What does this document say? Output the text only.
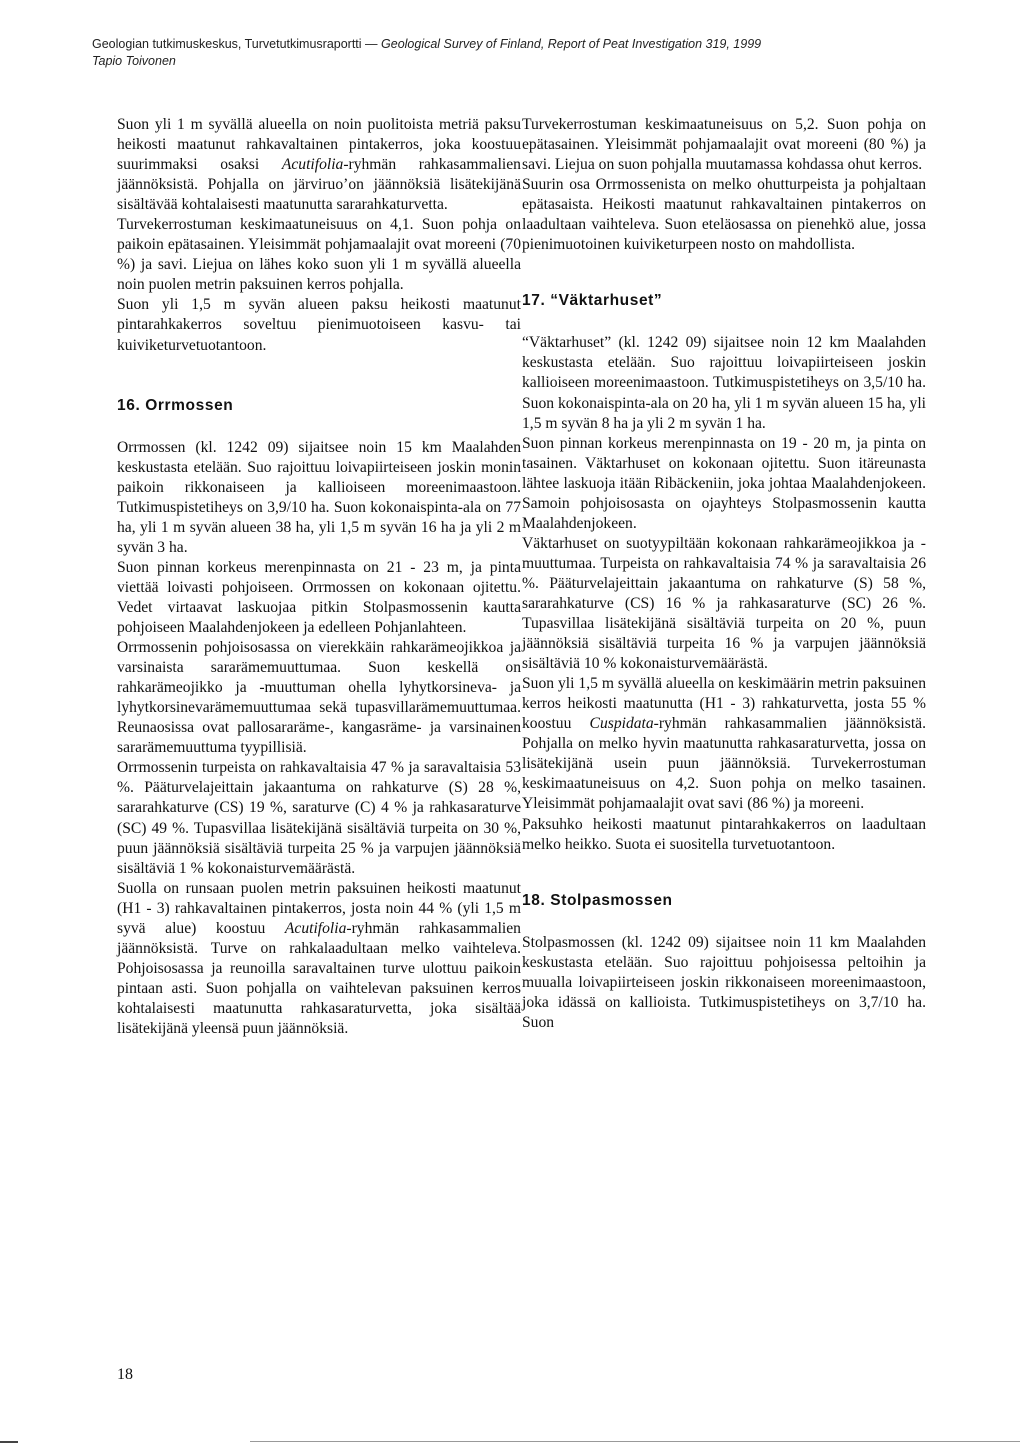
Geologian tutkimuskeskus, Turvetutkimusraportti — Geological Survey of Finland, Report of Peat Investigation 319, 1999
Tapio Toivonen

Suon yli 1 m syvällä alueella on noin puolitoista metriä paksu heikosti maatunut rahkavaltainen pintakerros, joka koostuu suurimmaksi osaksi Acutifolia-ryhmän rahkasammalien jäännöksistä. Pohjalla on järviruo’on jäännöksiä lisätekijänä sisältävää kohtalaisesti maatunutta sararahkaturvetta.

Turvekerrostuman keskimaatuneisuus on 4,1. Suon pohja on paikoin epätasainen. Yleisimmät pohjamaalajit ovat moreeni (70 %) ja savi. Liejua on lähes koko suon yli 1 m syvällä alueella noin puolen metrin paksuinen kerros pohjalla.

Suon yli 1,5 m syvän alueen paksu heikosti maatunut pintarahkakerros soveltuu pienimuotoiseen kasvu- tai kuiviketurvetuotantoon.

16. Orrmossen

Orrmossen (kl. 1242 09) sijaitsee noin 15 km Maalahden keskustasta etelään. Suo rajoittuu loivapiirteiseen joskin monin paikoin rikkonaiseen ja kallioiseen moreenimaastoon. Tutkimuspistetiheys on 3,9/10 ha. Suon kokonaispinta-ala on 77 ha, yli 1 m syvän alueen 38 ha, yli 1,5 m syvän 16 ha ja yli 2 m syvän 3 ha.

Suon pinnan korkeus merenpinnasta on 21 - 23 m, ja pinta viettää loivasti pohjoiseen. Orrmossen on kokonaan ojitettu. Vedet virtaavat laskuojaa pitkin Stolpasmossenin kautta pohjoiseen Maalahdenjokeen ja edelleen Pohjanlahteen.

Orrmossenin pohjoisosassa on vierekkäin rahkarämeojikkoa ja varsinaista sararämemuuttumaa. Suon keskellä on rahkarämeojikko ja -muuttuman ohella lyhytkorsineva- ja lyhytkorsinevarämemuuttumaa sekä tupasvillarämemuuttumaa. Reunaosissa ovat pallosararäme-, kangasräme- ja varsinainen sararämemuuttuma tyypillisiä.

Orrmossenin turpeista on rahkavaltaisia 47 % ja saravaltaisia 53 %. Pääturvelajeittain jakaantuma on rahkaturve (S) 28 %, sararahkaturve (CS) 19 %, saraturve (C) 4 % ja rahkasaraturve (SC) 49 %. Tupasvillaa lisätekijänä sisältäviä turpeita on 30 %, puun jäännöksiä sisältäviä turpeita 25 % ja varpujen jäännöksiä sisältäviä 1 % kokonaisturvemäärästä.

Suolla on runsaan puolen metrin paksuinen heikosti maatunut (H1 - 3) rahkavaltainen pintakerros, josta noin 44 % (yli 1,5 m syvä alue) koostuu Acutifolia-ryhmän rahkasammalien jäännöksistä. Turve on rahkalaadultaan melko vaihteleva. Pohjoisosassa ja reunoilla saravaltainen turve ulottuu paikoin pintaan asti. Suon pohjalla on vaihtelevan paksuinen kerros kohtalaisesti maatunutta rahkasaraturvetta, joka sisältää lisätekijänä yleensä puun jäännöksiä.

Turvekerrostuman keskimaatuneisuus on 5,2. Suon pohja on epätasainen. Yleisimmät pohjamaalajit ovat moreeni (80 %) ja savi. Liejua on suon pohjalla muutamassa kohdassa ohut kerros.

Suurin osa Orrmossenista on melko ohutturpeista ja pohjaltaan epätasaista. Heikosti maatunut rahkavaltainen pintakerros on laadultaan vaihteleva. Suon eteläosassa on pienehkö alue, jossa pienimuotoinen kuiviketurpeen nosto on mahdollista.

17. “Väktarhuset”

“Väktarhuset” (kl. 1242 09) sijaitsee noin 12 km Maalahden keskustasta etelään. Suo rajoittuu loivapiirteiseen joskin kallioiseen moreenimaastoon. Tutkimuspistetiheys on 3,5/10 ha. Suon kokonaispinta-ala on 20 ha, yli 1 m syvän alueen 15 ha, yli 1,5 m syvän 8 ha ja yli 2 m syvän 1 ha.

Suon pinnan korkeus merenpinnasta on 19 - 20 m, ja pinta on tasainen. Väktarhuset on kokonaan ojitettu. Suon itäreunasta lähtee laskuoja itään Ribäckeniin, joka johtaa Maalahdenjokeen. Samoin pohjoisosasta on ojayhteys Stolpasmossenin kautta Maalahdenjokeen.

Väktarhuset on suotyypiltään kokonaan rahkarämeojikkoa ja -muuttumaa. Turpeista on rahkavaltaisia 74 % ja saravaltaisia 26 %. Pääturvelajeittain jakaantuma on rahkaturve (S) 58 %, sararahkaturve (CS) 16 % ja rahkasaraturve (SC) 26 %. Tupasvillaa lisätekijänä sisältäviä turpeita on 20 %, puun jäännöksiä sisältäviä turpeita 16 % ja varpujen jäännöksiä sisältäviä 10 % kokonaisturvemäärästä.

Suon yli 1,5 m syvällä alueella on keskimäärin metrin paksuinen kerros heikosti maatunutta (H1 - 3) rahkaturvetta, josta 55 % koostuu Cuspidata-ryhmän rahkasammalien jäännöksistä. Pohjalla on melko hyvin maatunutta rahkasaraturvetta, jossa on lisätekijänä usein puun jäännöksiä. Turvekerrostuman keskimaatuneisuus on 4,2. Suon pohja on melko tasainen. Yleisimmät pohjamaalajit ovat savi (86 %) ja moreeni.

Paksuhko heikosti maatunut pintarahkakerros on laadultaan melko heikko. Suota ei suositella turvetuotantoon.

18. Stolpasmossen

Stolpasmossen (kl. 1242 09) sijaitsee noin 11 km Maalahden keskustasta etelään. Suo rajoittuu pohjoisessa peltoihin ja muualla loivapiirteiseen joskin rikkonaiseen moreenimaastoon, joka idässä on kallioista. Tutkimuspistetiheys on 3,7/10 ha. Suon

18
